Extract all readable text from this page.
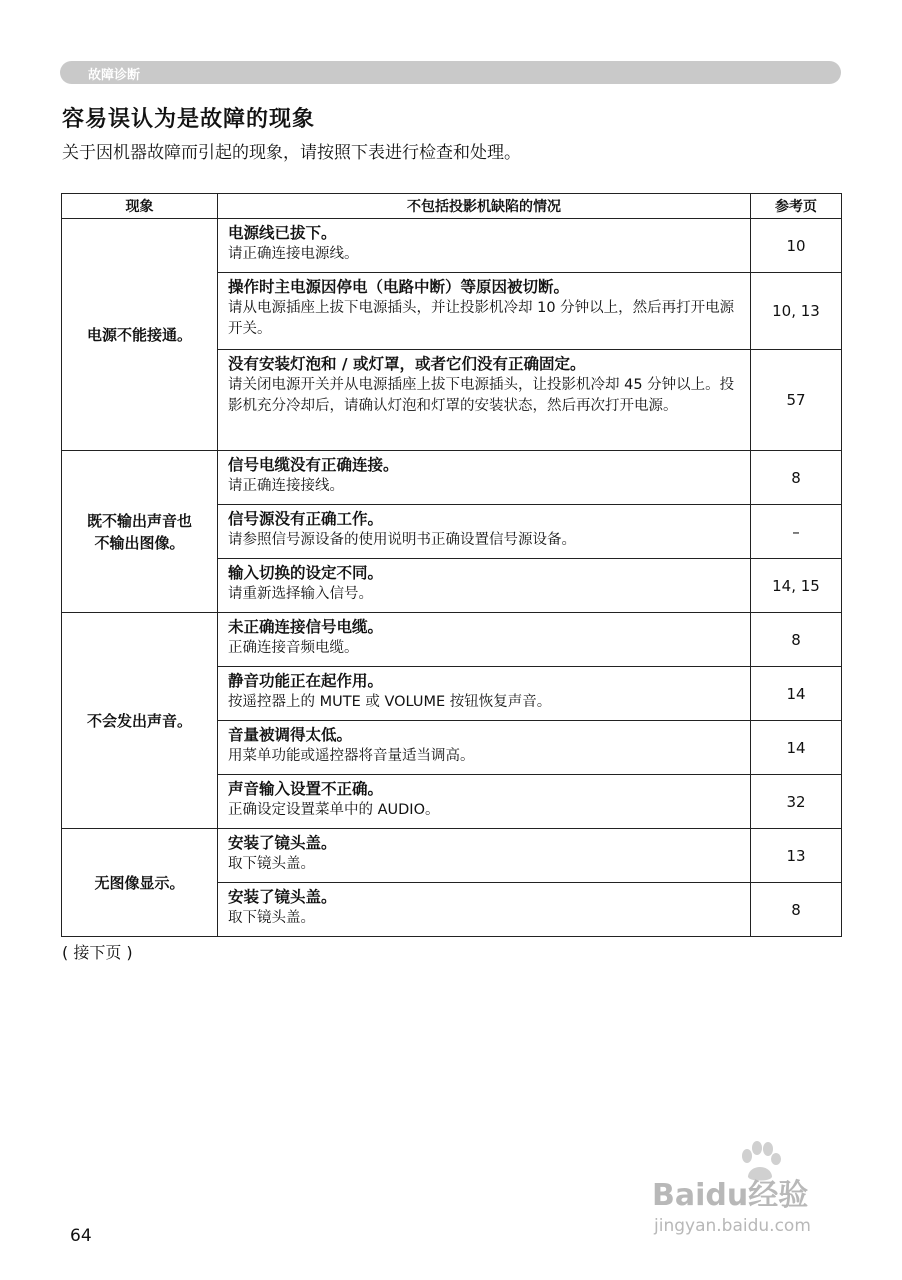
故障诊断
容易误认为是故障的现象
关于因机器故障而引起的现象，请按照下表进行检查和处理。
现象	不包括投影机缺陷的情况	参考页
电源不能接通。	电源线已拔下。
请正确连接电源线。	10

	操作时主电源因停电（电路中断）等原因被切断。
请从电源插座上拔下电源插头，并让投影机冷却 10 分钟以上，然后再打开电源开关。	10, 13

	没有安装灯泡和 / 或灯罩，或者它们没有正确固定。
请关闭电源开关并从电源插座上拔下电源插头，让投影机冷却 45 分钟以上。投影机充分冷却后，请确认灯泡和灯罩的安装状态，然后再次打开电源。	57

既不输出声音也不输出图像。	信号电缆没有正确连接。
请正确连接接线。	8

	信号源没有正确工作。
请参照信号源设备的使用说明书正确设置信号源设备。	–

	输入切换的设定不同。
请重新选择输入信号。	14, 15
不会发出声音。	未正确连接信号电缆。
正确连接音频电缆。	8

	静音功能正在起作用。
按遥控器上的 MUTE 或 VOLUME 按钮恢复声音。	14

	音量被调得太低。
用菜单功能或遥控器将音量适当调高。	14

	声音输入设置不正确。
正确设定设置菜单中的 AUDIO。	32
无图像显示。	安装了镜头盖。
取下镜头盖。	13

	安装了镜头盖。
取下镜头盖。	8
( 接下页 )
64
Baidu经验
jingyan.baidu.com
